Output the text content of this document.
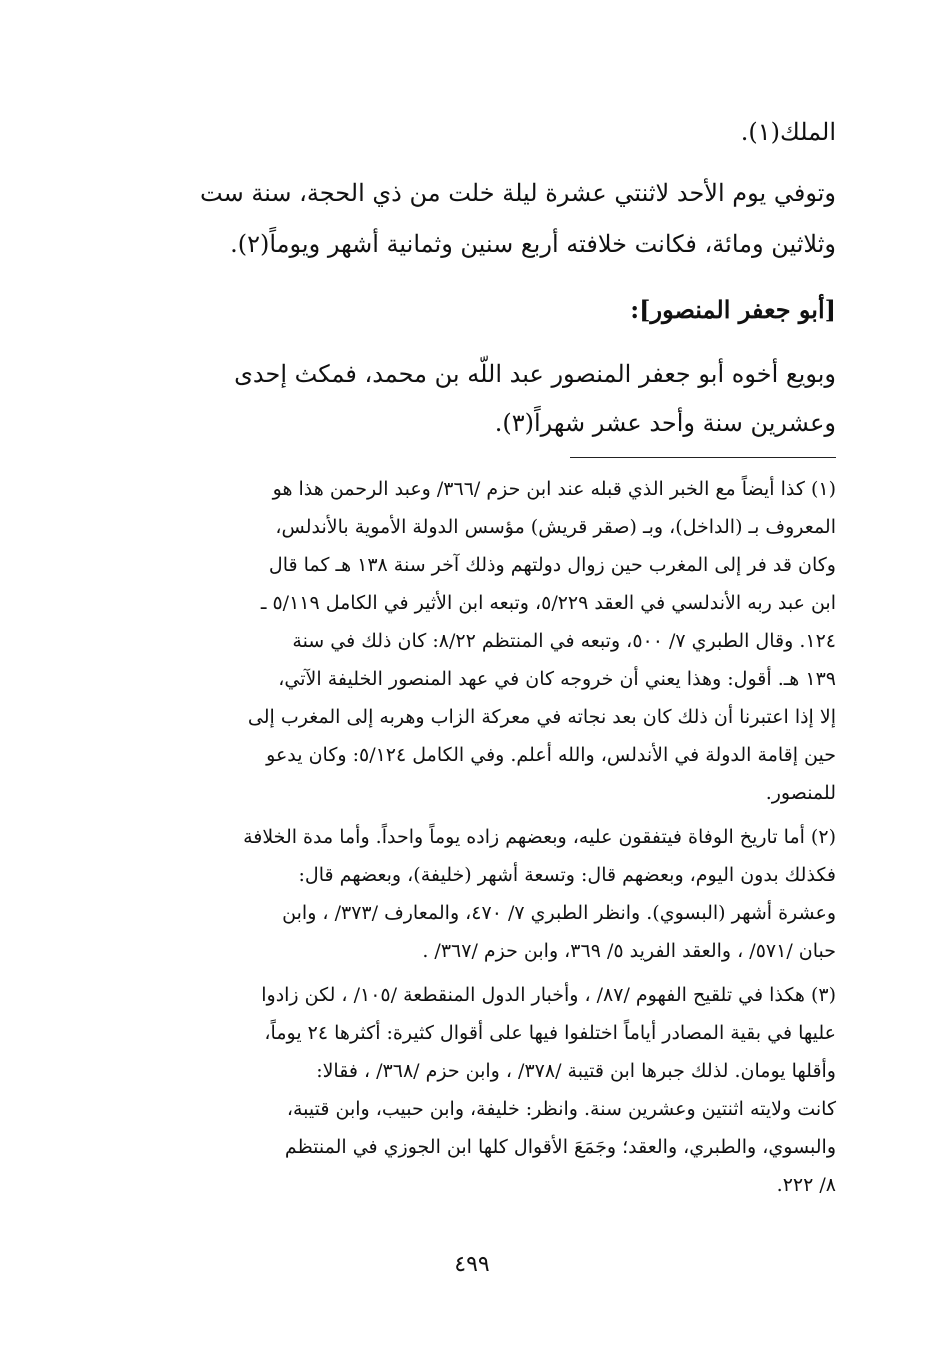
الملك(١).
وتوفي يوم الأحد لاثنتي عشرة ليلة خلت من ذي الحجة، سنة ست
وثلاثين ومائة، فكانت خلافته أربع سنين وثمانية أشهر ويوماً(٢).
[أبو جعفر المنصور]:
وبويع أخوه أبو جعفر المنصور عبد اللّه بن محمد، فمكث إحدى
وعشرين سنة وأحد عشر شهراً(٣).
(١) كذا أيضاً مع الخبر الذي قبله عند ابن حزم /٣٦٦/ وعبد الرحمن هذا هو
المعروف بـ (الداخل)، وبـ (صقر قريش) مؤسس الدولة الأموية بالأندلس،
وكان قد فر إلى المغرب حين زوال دولتهم وذلك آخر سنة ١٣٨ هـ كما قال
ابن عبد ربه الأندلسي في العقد ٥/٢٢٩، وتبعه ابن الأثير في الكامل ٥/١١٩ ـ
١٢٤. وقال الطبري ٧/ ٥٠٠، وتبعه في المنتظم ٨/٢٢: كان ذلك في سنة
١٣٩ هـ. أقول: وهذا يعني أن خروجه كان في عهد المنصور الخليفة الآتي،
إلا إذا اعتبرنا أن ذلك كان بعد نجاته في معركة الزاب وهربه إلى المغرب إلى
حين إقامة الدولة في الأندلس، والله أعلم. وفي الكامل ٥/١٢٤: وكان يدعو
للمنصور.
(٢) أما تاريخ الوفاة فيتفقون عليه، وبعضهم زاده يوماً واحداً. وأما مدة الخلافة
فكذلك بدون اليوم، وبعضهم قال: وتسعة أشهر (خليفة)، وبعضهم قال:
وعشرة أشهر (البسوي). وانظر الطبري ٧/ ٤٧٠، والمعارف /٣٧٣/ ، وابن
حبان /٥٧١/ ، والعقد الفريد ٥/ ٣٦٩، وابن حزم /٣٦٧/ .
(٣) هكذا في تلقيح الفهوم /٨٧/ ، وأخبار الدول المنقطعة /١٠٥/ ، لكن زادوا
عليها في بقية المصادر أياماً اختلفوا فيها على أقوال كثيرة: أكثرها ٢٤ يوماً،
وأقلها يومان. لذلك جبرها ابن قتيبة /٣٧٨/ ، وابن حزم /٣٦٨/ ، فقالا:
كانت ولايته اثنتين وعشرين سنة. وانظر: خليفة، وابن حبيب، وابن قتيبة،
والبسوي، والطبري، والعقد؛ وجَمَعَ الأقوال كلها ابن الجوزي في المنتظم
٨/ ٢٢٢.
٤٩٩
